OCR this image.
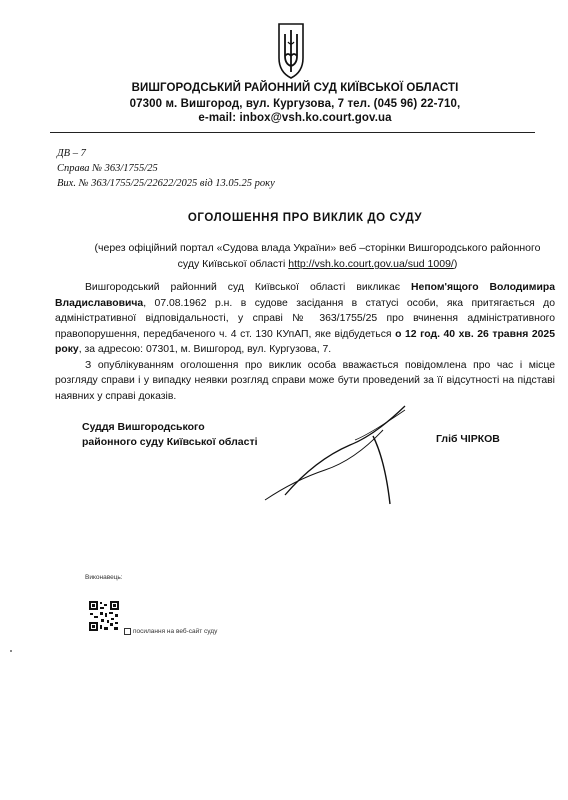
ВИШГОРОДСЬКИЙ РАЙОННИЙ СУД КИЇВСЬКОЇ ОБЛАСТІ
07300 м. Вишгород, вул. Кургузова, 7 тел. (045 96) 22-710,
e-mail: inbox@vsh.ko.court.gov.ua
ДВ – 7
Справа № 363/1755/25
Вих. № 363/1755/25/22622/2025 від 13.05.25 року
ОГОЛОШЕННЯ ПРО ВИКЛИК ДО СУДУ
(через офіційний портал «Судова влада України» веб –сторінки Вишгородського районного
суду Київської області http://vsh.ko.court.gov.ua/sud 1009/)

Вишгородський районний суд Київської області викликає Непом'ящого Володимира Владиславовича, 07.08.1962 р.н. в судове засідання в статусі особи, яка притягається до адміністративної відповідальності, у справі № 363/1755/25 про вчинення адміністративного правопорушення, передбаченого ч. 4 ст. 130 КУпАП, яке відбудеться о 12 год. 40 хв. 26 травня 2025 року, за адресою: 07301, м. Вишгород, вул. Кургузова, 7.

З опублікуванням оголошення про виклик особа вважається повідомлена про час і місце розгляду справи і у випадку неявки розгляд справи може бути проведений за її відсутності на підставі наявних у справі доказів.

Суддя Вишгородського
районного суду Київської області	Гліб ЧІРКОВ
Виконавець:
посилання на веб-сайт суду
